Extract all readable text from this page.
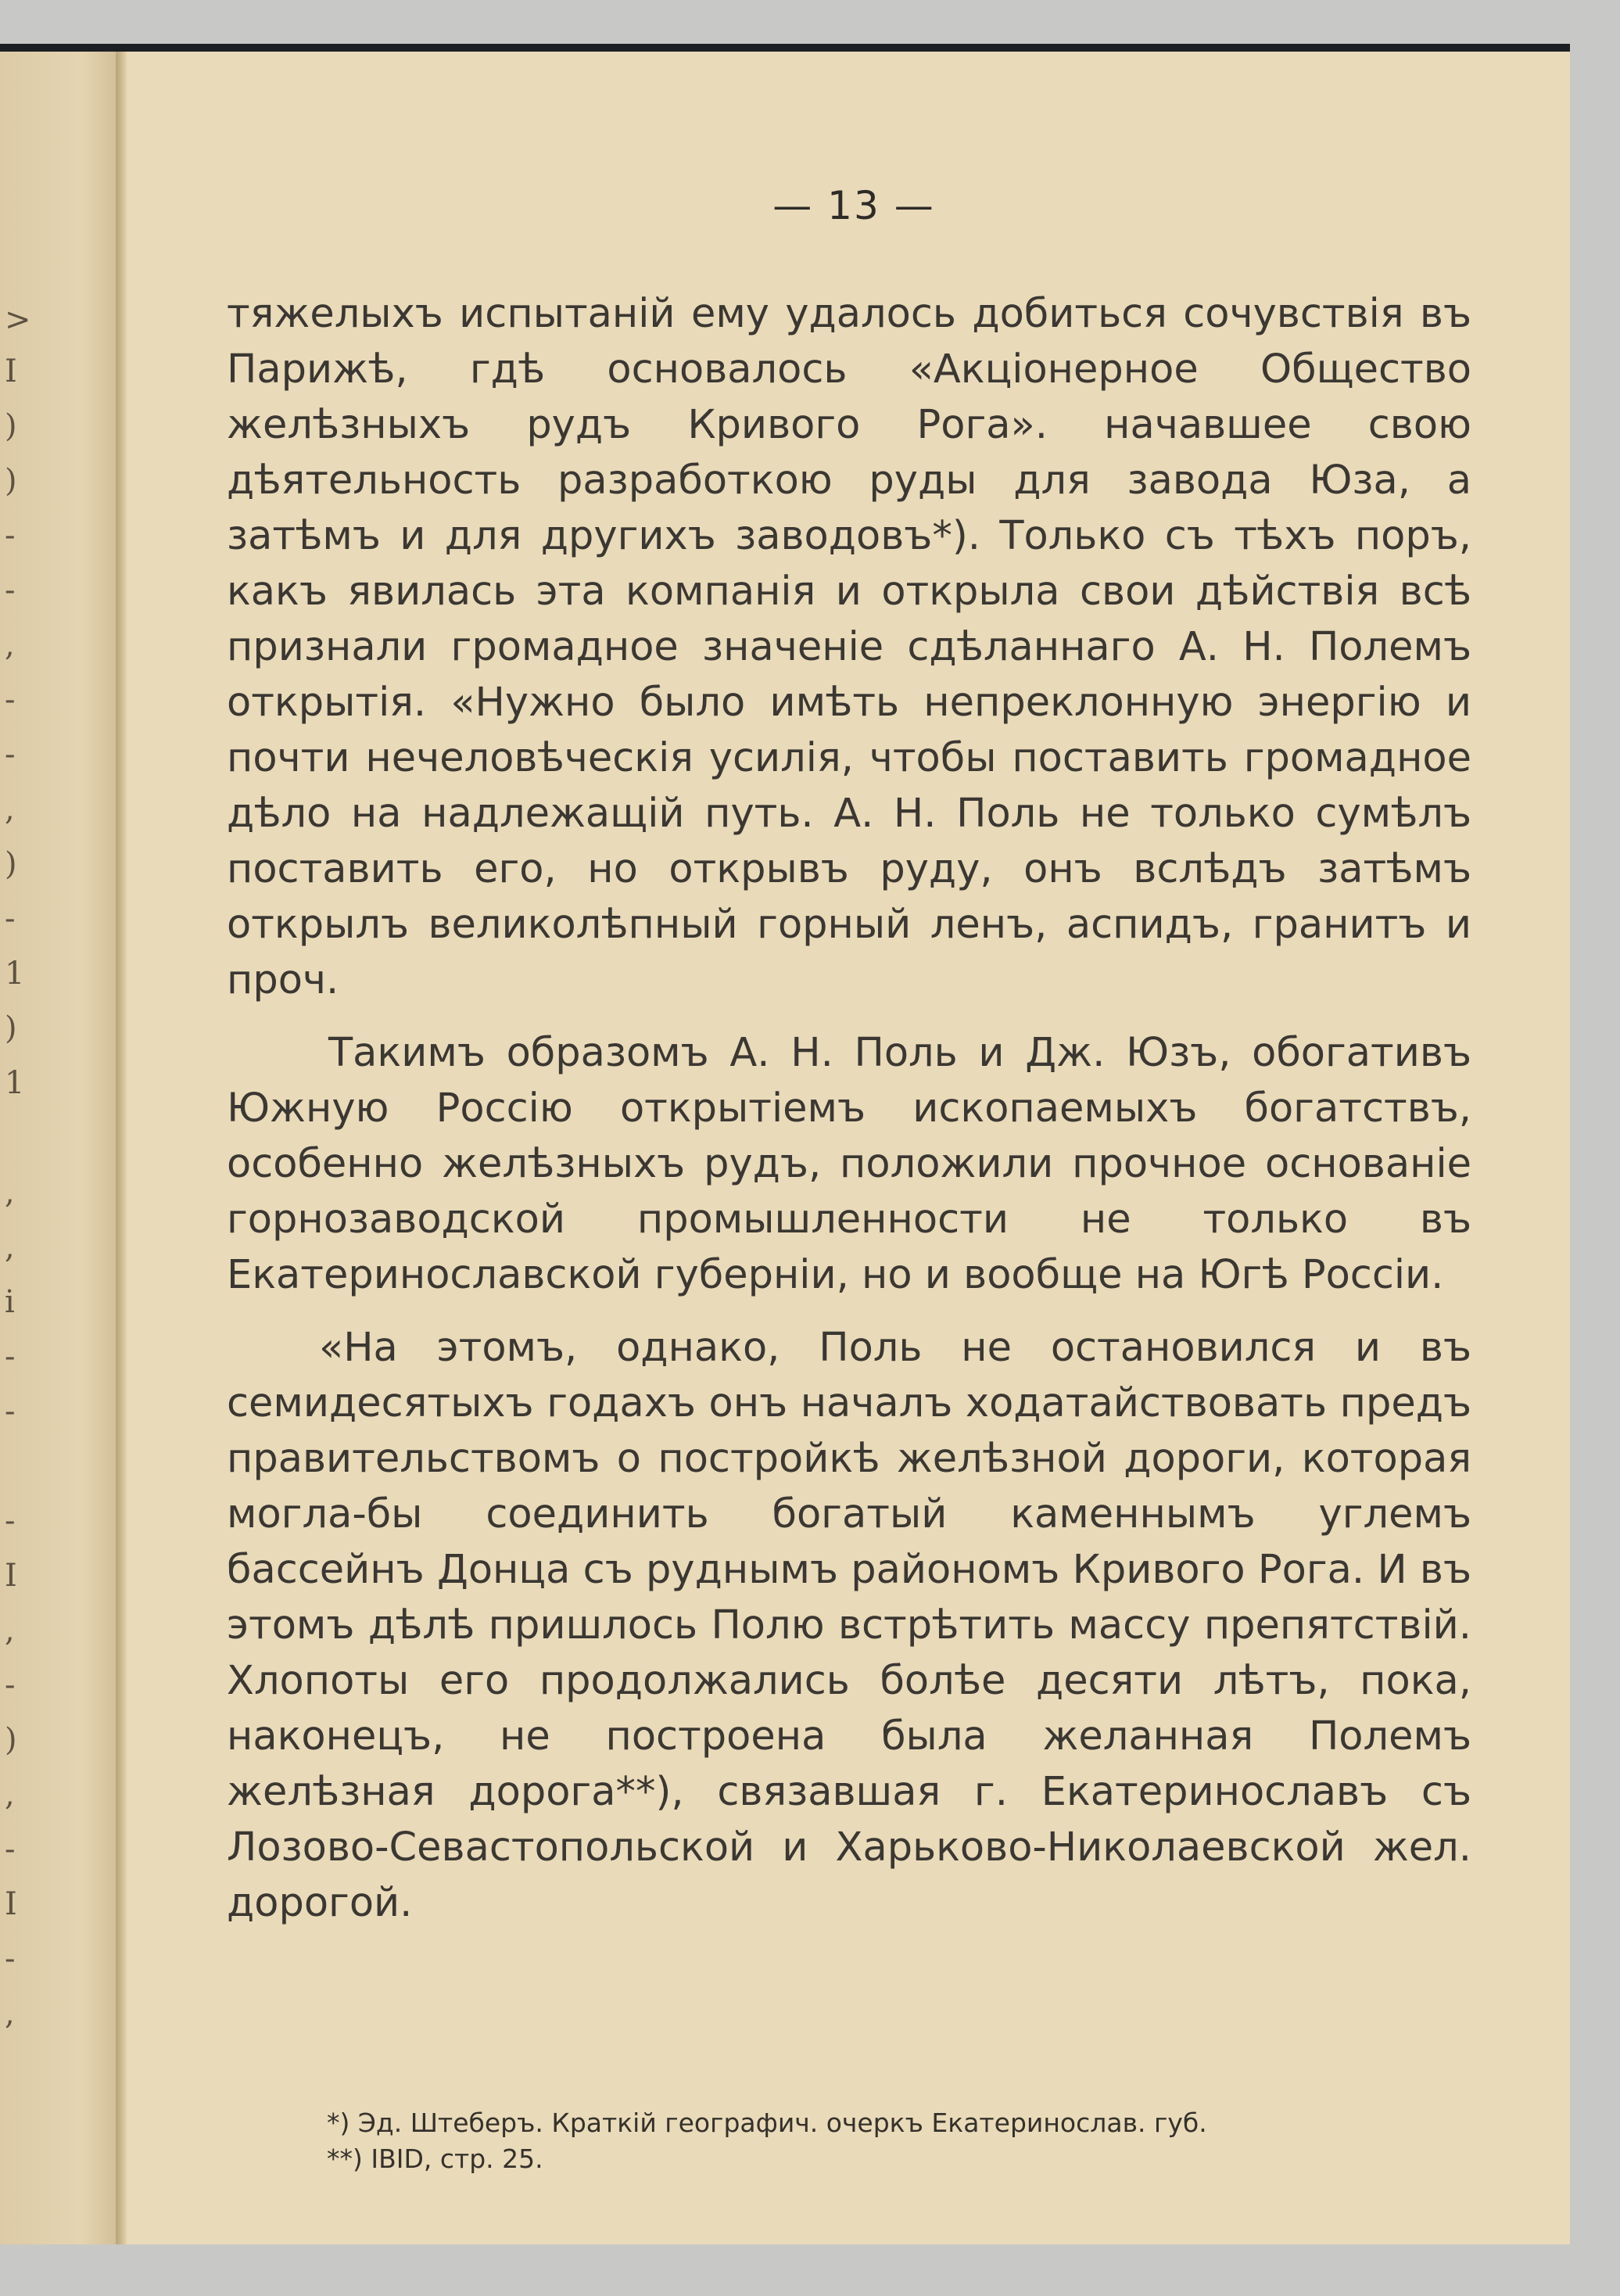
>
I
)
)
-
-
,
-
-
,
)
-
1
)
1
,
,
i
-
-
-
I
,
-
)
,
-
I
-
,
— 13 —

тяжелыхъ испытаній ему удалось добиться сочувствія въ Парижѣ, гдѣ основалось «Акціонерное Общество желѣзныхъ рудъ Кривого Рога». начавшее свою дѣятельность разработкою руды для завода Юза, а затѣмъ и для другихъ заводовъ*). Только съ тѣхъ поръ, какъ явилась эта компанія и открыла свои дѣйствія всѣ признали громадное значеніе сдѣланнаго А. Н. Полемъ открытія. «Нужно было имѣть непреклонную энергію и почти нечеловѣческія усилія, чтобы поставить громадное дѣло на надлежащій путь. А. Н. Поль не только сумѣлъ поставить его, но открывъ руду, онъ вслѣдъ затѣмъ открылъ великолѣпный горный ленъ, аспидъ, гранитъ и проч.

Такимъ образомъ А. Н. Поль и Дж. Юзъ, обогативъ Южную Россію открытіемъ ископаемыхъ богатствъ, особенно желѣзныхъ рудъ, положили прочное основаніе горнозаводской промышленности не только въ Екатеринославской губерніи, но и вообще на Югѣ Россіи.

«На этомъ, однако, Поль не остановился и въ семидесятыхъ годахъ онъ началъ ходатайствовать предъ правительствомъ о постройкѣ желѣзной дороги, которая могла-бы соединить богатый каменнымъ углемъ бассейнъ Донца съ руднымъ райономъ Кривого Рога. И въ этомъ дѣлѣ пришлось Полю встрѣтить массу препятствій. Хлопоты его продолжались болѣе десяти лѣтъ, пока, наконецъ, не построена была желанная Полемъ желѣзная дорога**), связавшая г. Екатеринославъ съ Лозово-Севастопольской и Харьково-Николаевской жел. дорогой.

*) Эд. Штеберъ. Краткій географич. очеркъ Екатеринослав. губ.

**) IBID, стр. 25.
